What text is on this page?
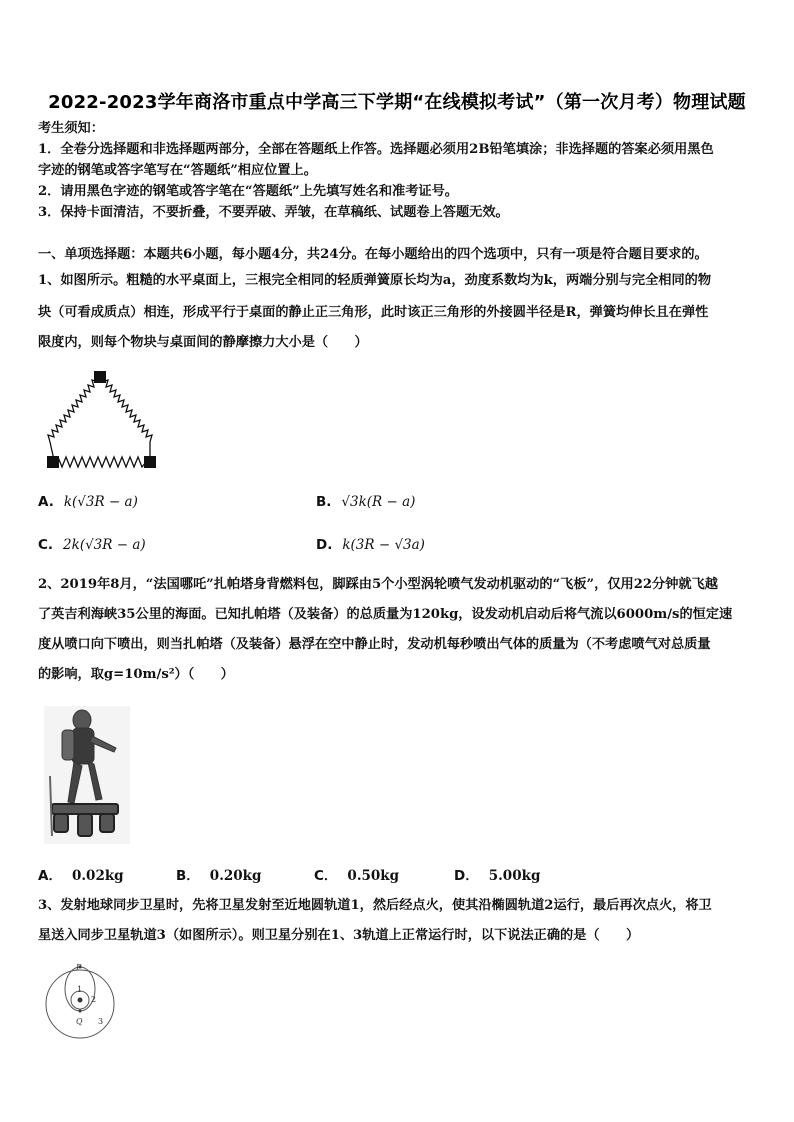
2022-2023学年商洛市重点中学高三下学期“在线模拟考试”（第一次月考）物理试题
考生须知：
1．全卷分选择题和非选择题两部分，全部在答题纸上作答。选择题必须用2B铅笔填涂；非选择题的答案必须用黑色
字迹的钢笔或答字笔写在“答题纸”相应位置上。
2．请用黑色字迹的钢笔或答字笔在“答题纸”上先填写姓名和准考证号。
3．保持卡面清洁，不要折叠，不要弄破、弄皱，在草稿纸、试题卷上答题无效。
一、单项选择题：本题共6小题，每小题4分，共24分。在每小题给出的四个选项中，只有一项是符合题目要求的。
1、如图所示。粗糙的水平桌面上，三根完全相同的轻质弹簧原长均为a，劲度系数均为k，两端分别与完全相同的物
块（可看成质点）相连，形成平行于桌面的静止正三角形，此时该正三角形的外接圆半径是R，弹簧均伸长且在弹性
限度内，则每个物块与桌面间的静摩擦力大小是（　　）
A. k(√3R − a)	B. √3k(R − a)
C. 2k(√3R − a)	D. k(3R − √3a)
2、2019年8月，“法国哪吒”扎帕塔身背燃料包，脚踩由5个小型涡轮喷气发动机驱动的“飞板”，仅用22分钟就飞越
了英吉利海峡35公里的海面。已知扎帕塔（及装备）的总质量为120kg，设发动机启动后将气流以6000m/s的恒定速
度从喷口向下喷出，则当扎帕塔（及装备）悬浮在空中静止时，发动机每秒喷出气体的质量为（不考虑喷气对总质量
的影响，取g=10m/s²）（　　）
A． 0.02kg	B． 0.20kg	C． 0.50kg	D． 5.00kg
3、发射地球同步卫星时，先将卫星发射至近地圆轨道1，然后经点火，使其沿椭圆轨道2运行，最后再次点火，将卫
星送入同步卫星轨道3（如图所示）。则卫星分别在1、3轨道上正常运行时，以下说法正确的是（　　）
P
Q
1
2
3
